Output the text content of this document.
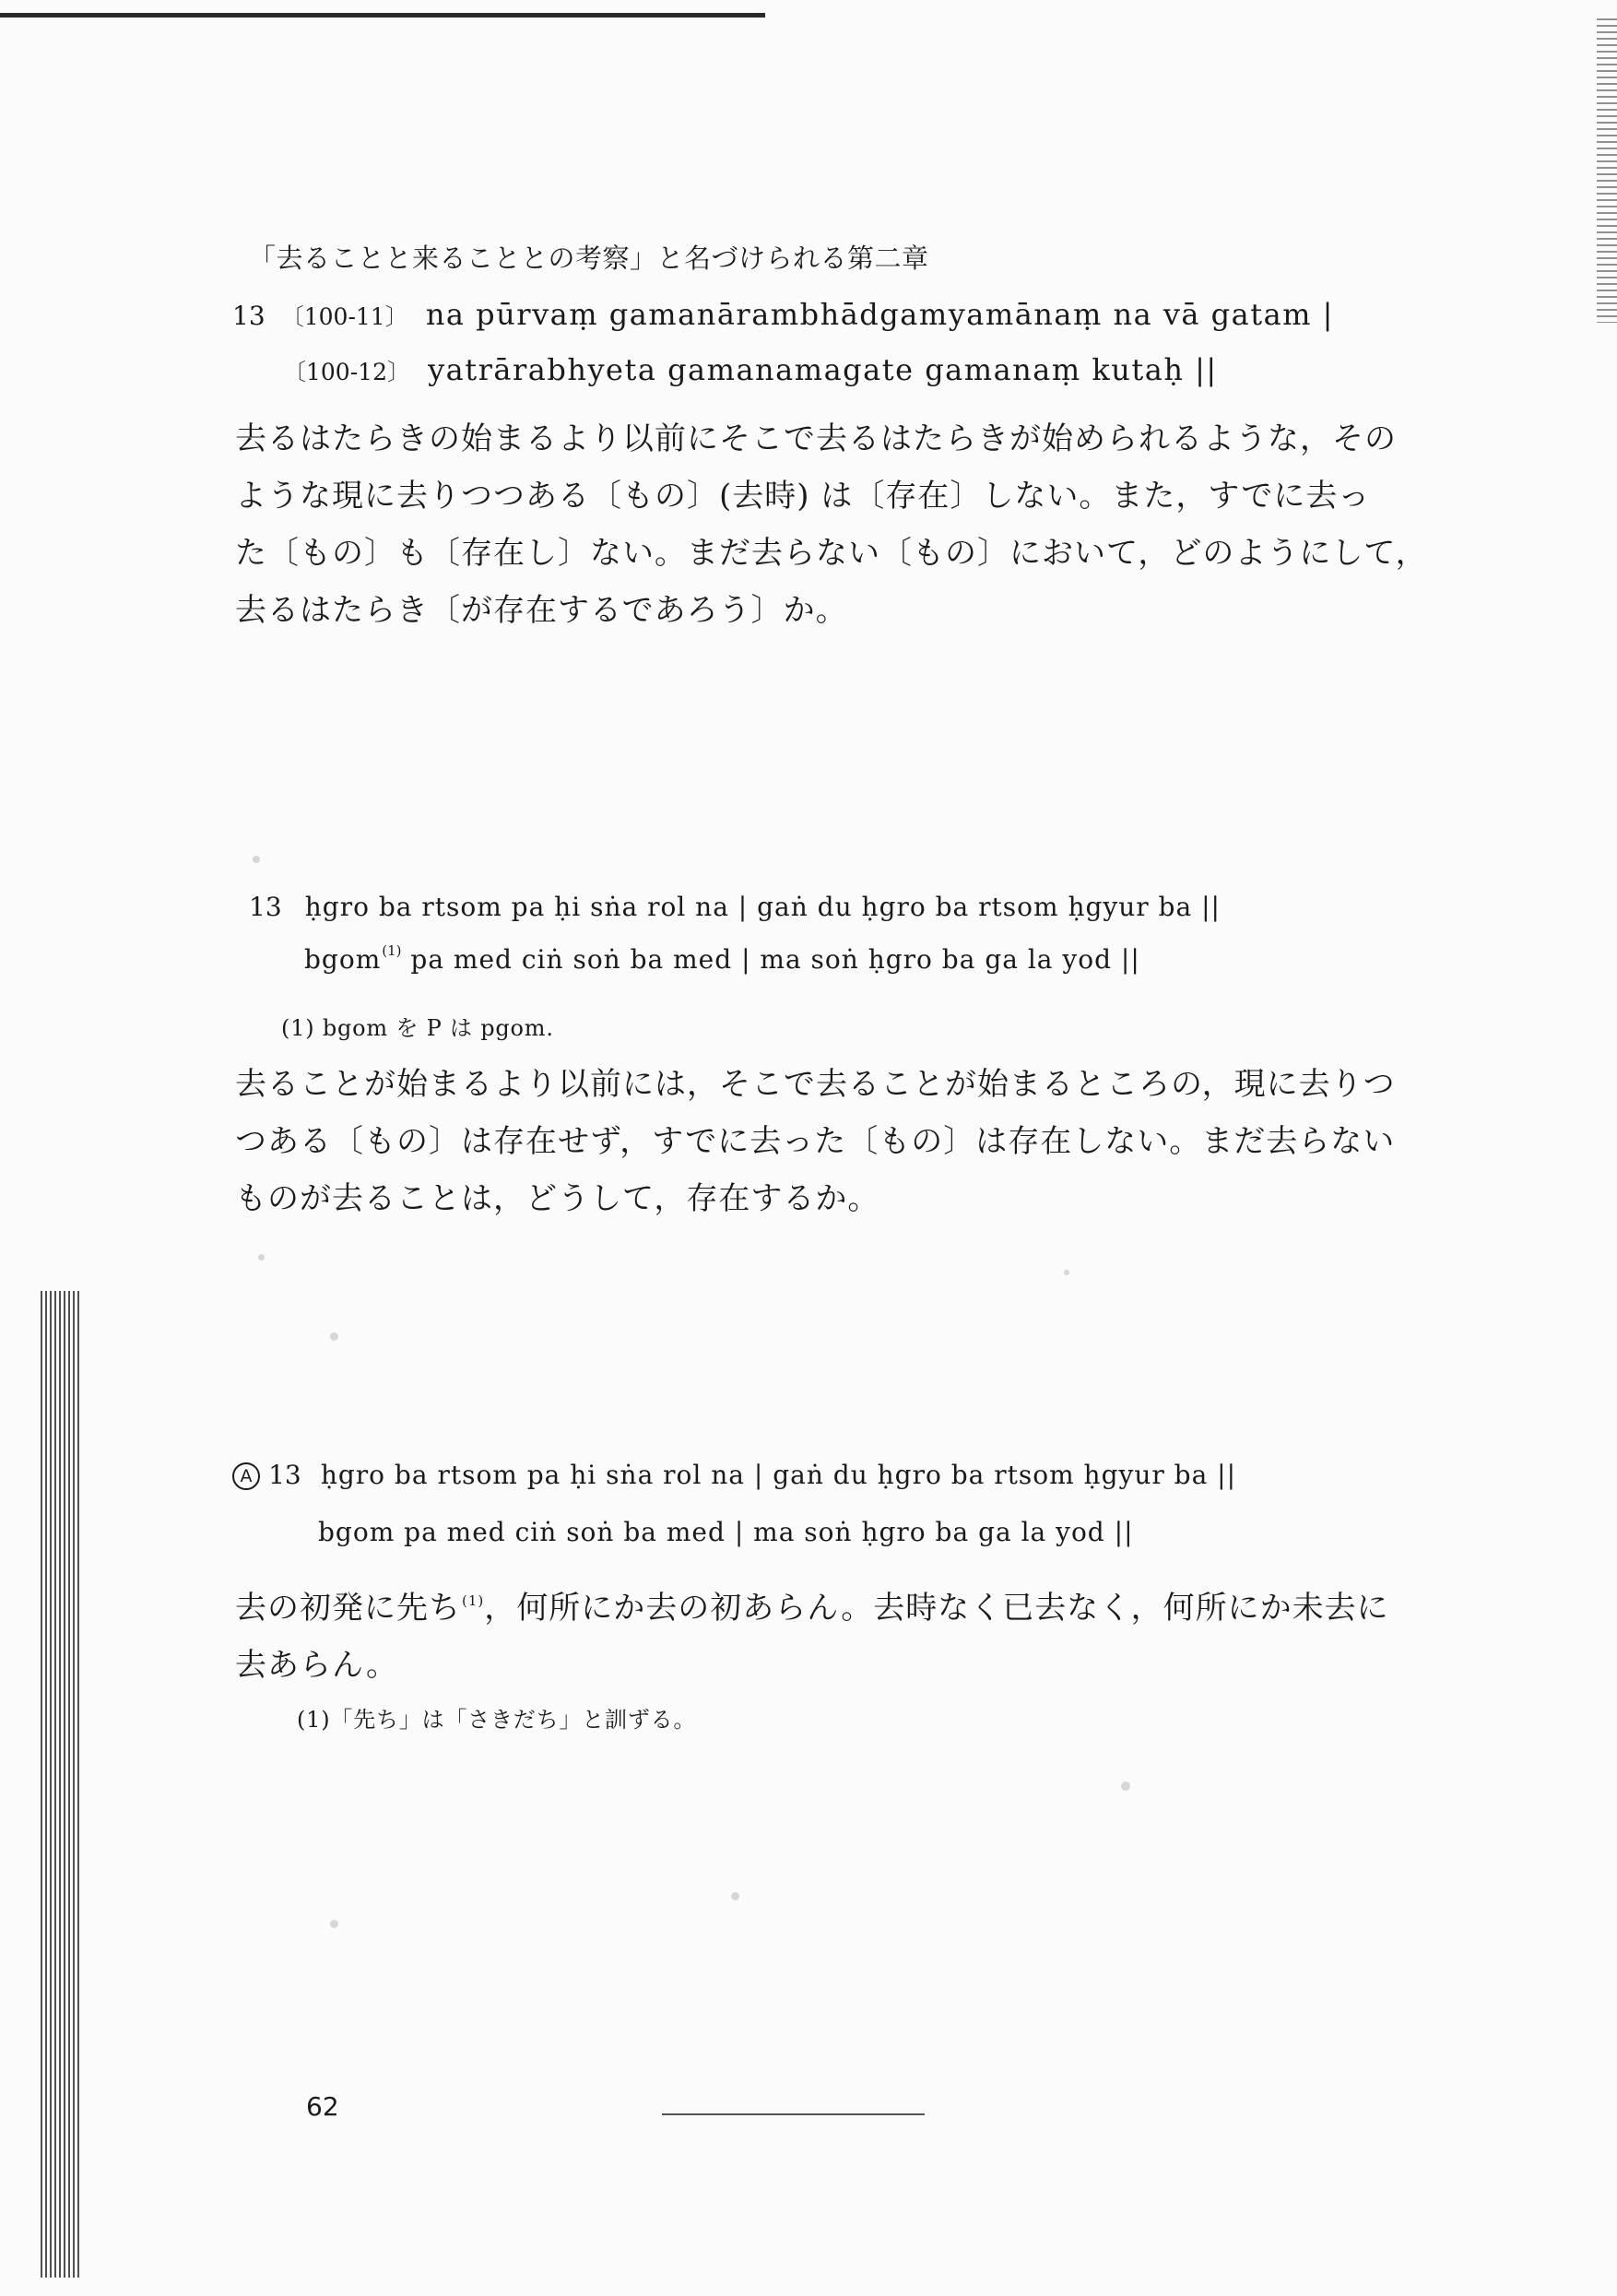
「去ることと来ることとの考察」と名づけられる第二章
13 〔100-11〕 na pūrvaṃ gamanārambhādgamyamānaṃ na vā gatam |
〔100-12〕 yatrārabhyeta gamanamagate gamanaṃ kutaḥ ||
去るはたらきの始まるより以前にそこで去るはたらきが始められるような，その
ような現に去りつつある〔もの〕(去時) は〔存在〕しない。また，すでに去っ
た〔もの〕も〔存在し〕ない。まだ去らない〔もの〕において，どのようにして，
去るはたらき〔が存在するであろう〕か。
13 ḥgro ba rtsom pa ḥi sṅa rol na | gaṅ du ḥgro ba rtsom ḥgyur ba ||
bgom$^{(1)}$ pa med ciṅ soṅ ba med | ma soṅ ḥgro ba ga la yod ||
(1) bgom を P は pgom.
去ることが始まるより以前には，そこで去ることが始まるところの，現に去りつ
つある〔もの〕は存在せず，すでに去った〔もの〕は存在しない。まだ去らない
ものが去ることは，どうして，存在するか。
A 13 ḥgro ba rtsom pa ḥi sṅa rol na | gaṅ du ḥgro ba rtsom ḥgyur ba ||
bgom pa med ciṅ soṅ ba med | ma soṅ ḥgro ba ga la yod ||
去の初発に先ち$^{(1)}$，何所にか去の初あらん。去時なく已去なく，何所にか未去に
去あらん。
(1)「先ち」は「さきだち」と訓ずる。
62
